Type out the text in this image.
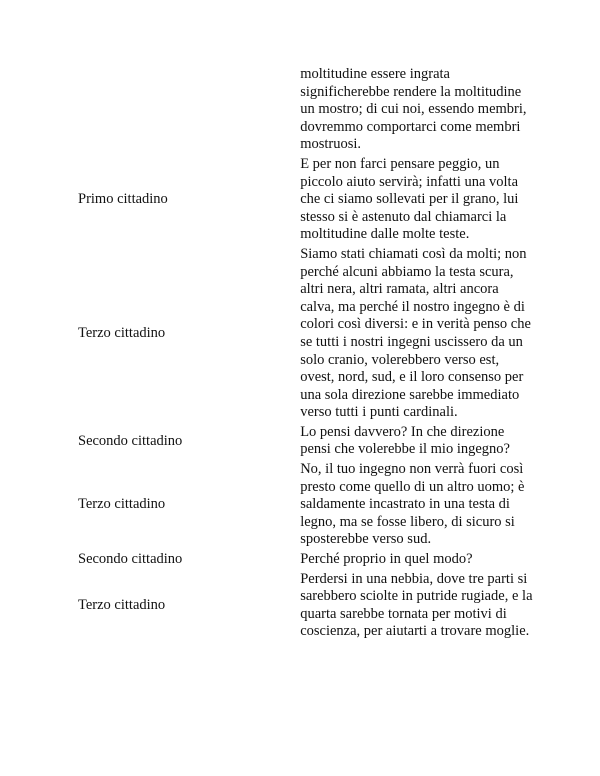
	moltitudine essere ingrata significherebbe rendere la moltitudine un mostro; di cui noi, essendo membri, dovremmo comportarci come membri mostruosi.
Primo cittadino	E per non farci pensare peggio, un piccolo aiuto servirà; infatti una volta che ci siamo sollevati per il grano, lui stesso si è astenuto dal chiamarci la moltitudine dalle molte teste.
Terzo cittadino	Siamo stati chiamati così da molti; non perché alcuni abbiamo la testa scura, altri nera, altri ramata, altri ancora calva, ma perché il nostro ingegno è di colori così diversi: e in verità penso che se tutti i nostri ingegni uscissero da un solo cranio, volerebbero verso est, ovest, nord, sud, e il loro consenso per una sola direzione sarebbe immediato verso tutti i punti cardinali.
Secondo cittadino	Lo pensi davvero? In che direzione pensi che volerebbe il mio ingegno?
Terzo cittadino	No, il tuo ingegno non verrà fuori così presto come quello di un altro uomo; è saldamente incastrato in una testa di legno, ma se fosse libero, di sicuro si sposterebbe verso sud.
Secondo cittadino	Perché proprio in quel modo?
Terzo cittadino	Perdersi in una nebbia, dove tre parti si sarebbero sciolte in putride rugiade, e la quarta sarebbe tornata per motivi di coscienza, per aiutarti a trovare moglie.
